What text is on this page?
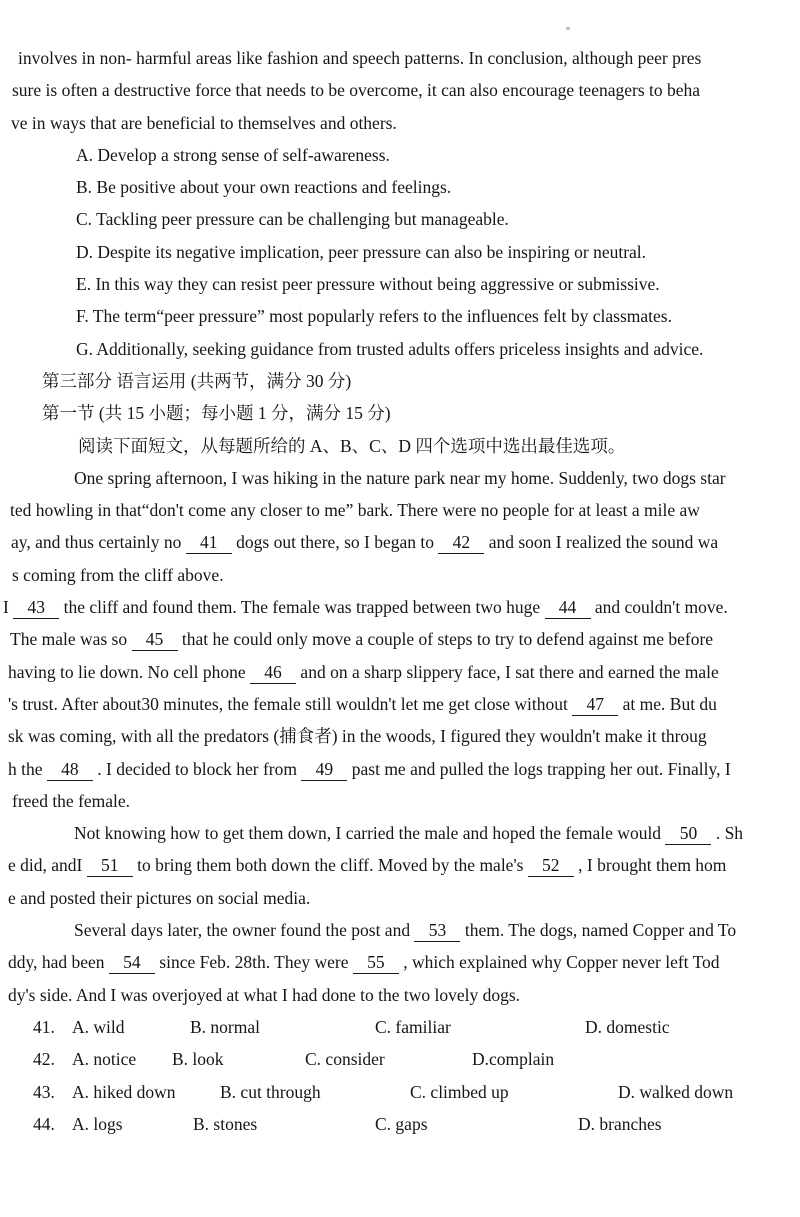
involves in non- harmful areas like fashion and speech patterns. In conclusion, although peer pres
sure is often a destructive force that needs to be overcome, it can also encourage teenagers to beha
ve in ways that are beneficial to themselves and others.
A. Develop a strong sense of self-awareness.
B. Be positive about your own reactions and feelings.
C. Tackling peer pressure can be challenging but manageable.
D. Despite its negative implication, peer pressure can also be inspiring or neutral.
E. In this way they can resist peer pressure without being aggressive or submissive.
F. The term“peer pressure” most popularly refers to the influences felt by classmates.
G. Additionally, seeking guidance from trusted adults offers priceless insights and advice.
第三部分 语言运用 (共两节，满分 30 分)
第一节 (共 15 小题；每小题 1 分，满分 15 分)
阅读下面短文，从每题所给的 A、B、C、D 四个选项中选出最佳选项。
One spring afternoon, I was hiking in the nature park near my home. Suddenly, two dogs star
ted howling in that“don't come any closer to me” bark. There were no people for at least a mile aw
ay, and thus certainly no 41 dogs out there, so I began to 42 and soon I realized the sound wa
s coming from the cliff above.
I 43 the cliff and found them. The female was trapped between two huge 44 and couldn't move.
The male was so 45 that he could only move a couple of steps to try to defend against me before
having to lie down. No cell phone 46 and on a sharp slippery face, I sat there and earned the male
's trust. After about30 minutes, the female still wouldn't let me get close without 47 at me. But du
sk was coming, with all the predators (捕食者) in the woods, I figured they wouldn't make it throug
h the 48 . I decided to block her from 49 past me and pulled the logs trapping her out. Finally, I
freed the female.
Not knowing how to get them down, I carried the male and hoped the female would 50 . Sh
e did, andI 51 to bring them both down the cliff. Moved by the male's 52 , I brought them hom
e and posted their pictures on social media.
Several days later, the owner found the post and 53 them. The dogs, named Copper and To
ddy, had been 54 since Feb. 28th. They were 55 , which explained why Copper never left Tod
dy's side. And I was overjoyed at what I had done to the two lovely dogs.
41. A. wild	B. normal	C. familiar	D. domestic
42. A. notice B. look	C. consider	D.complain
43. A. hiked down	B. cut through	C. climbed up	D. walked down
44. A. logs	B. stones	C. gaps	D. branches
